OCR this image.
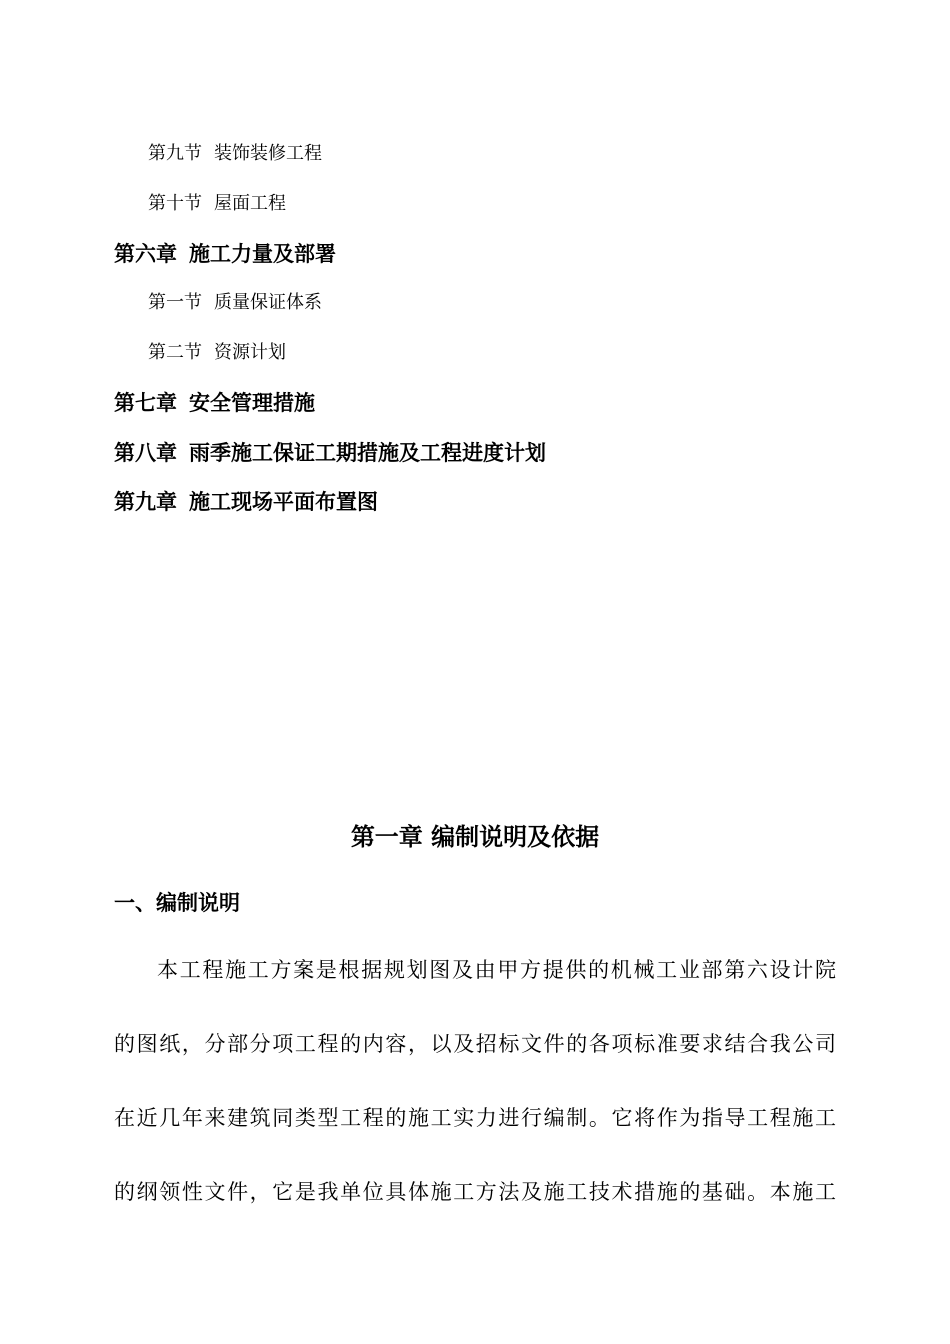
第九节 装饰装修工程
第十节 屋面工程
第六章 施工力量及部署
第一节 质量保证体系
第二节 资源计划
第七章 安全管理措施
第八章 雨季施工保证工期措施及工程进度计划
第九章 施工现场平面布置图
第一章 编制说明及依据
一、编制说明
本工程施工方案是根据规划图及由甲方提供的机械工业部第六设计院
的图纸，分部分项工程的内容，以及招标文件的各项标准要求结合我公司
在近几年来建筑同类型工程的施工实力进行编制。它将作为指导工程施工
的纲领性文件，它是我单位具体施工方法及施工技术措施的基础。本施工
